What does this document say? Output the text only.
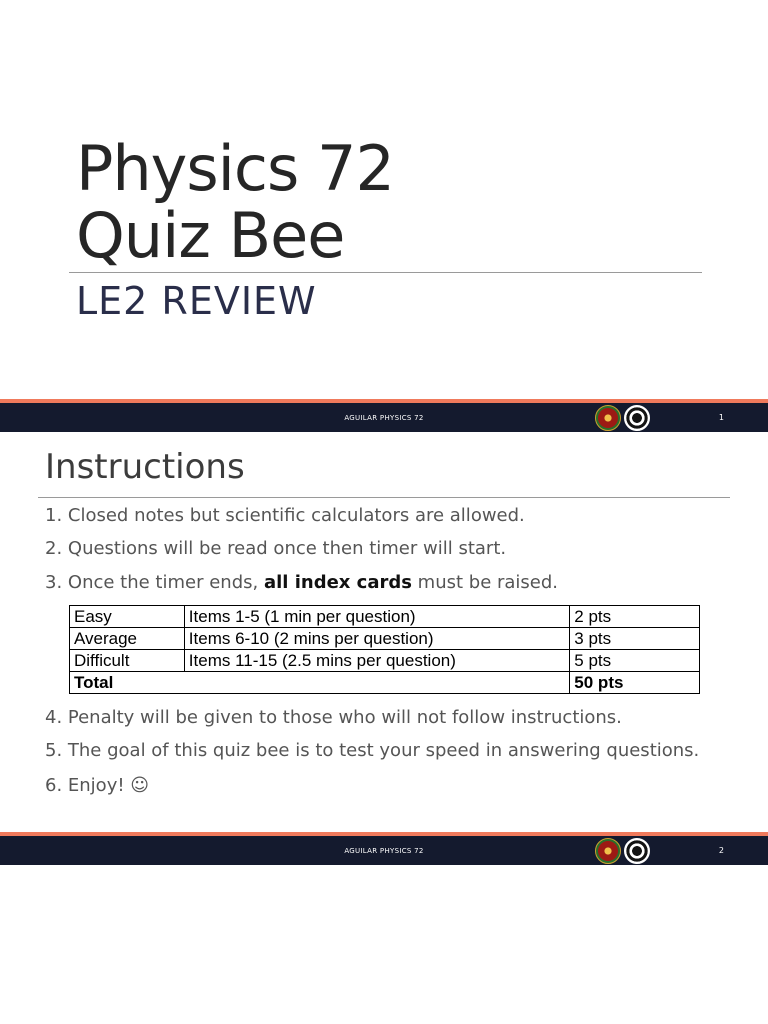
Physics 72
Quiz Bee
LE2 REVIEW
AGUILAR PHYSICS 72	1
Instructions
1. Closed notes but scientific calculators are allowed.
2. Questions will be read once then timer will start.
3. Once the timer ends, all index cards must be raised.
Easy	Items 1-5 (1 min per question)	2 pts
Average	Items 6-10 (2 mins per question)	3 pts
Difficult	Items 11-15 (2.5 mins per question)	5 pts
Total		50 pts
4. Penalty will be given to those who will not follow instructions.
5. The goal of this quiz bee is to test your speed in answering questions.
6. Enjoy! ☺
AGUILAR PHYSICS 72	2
